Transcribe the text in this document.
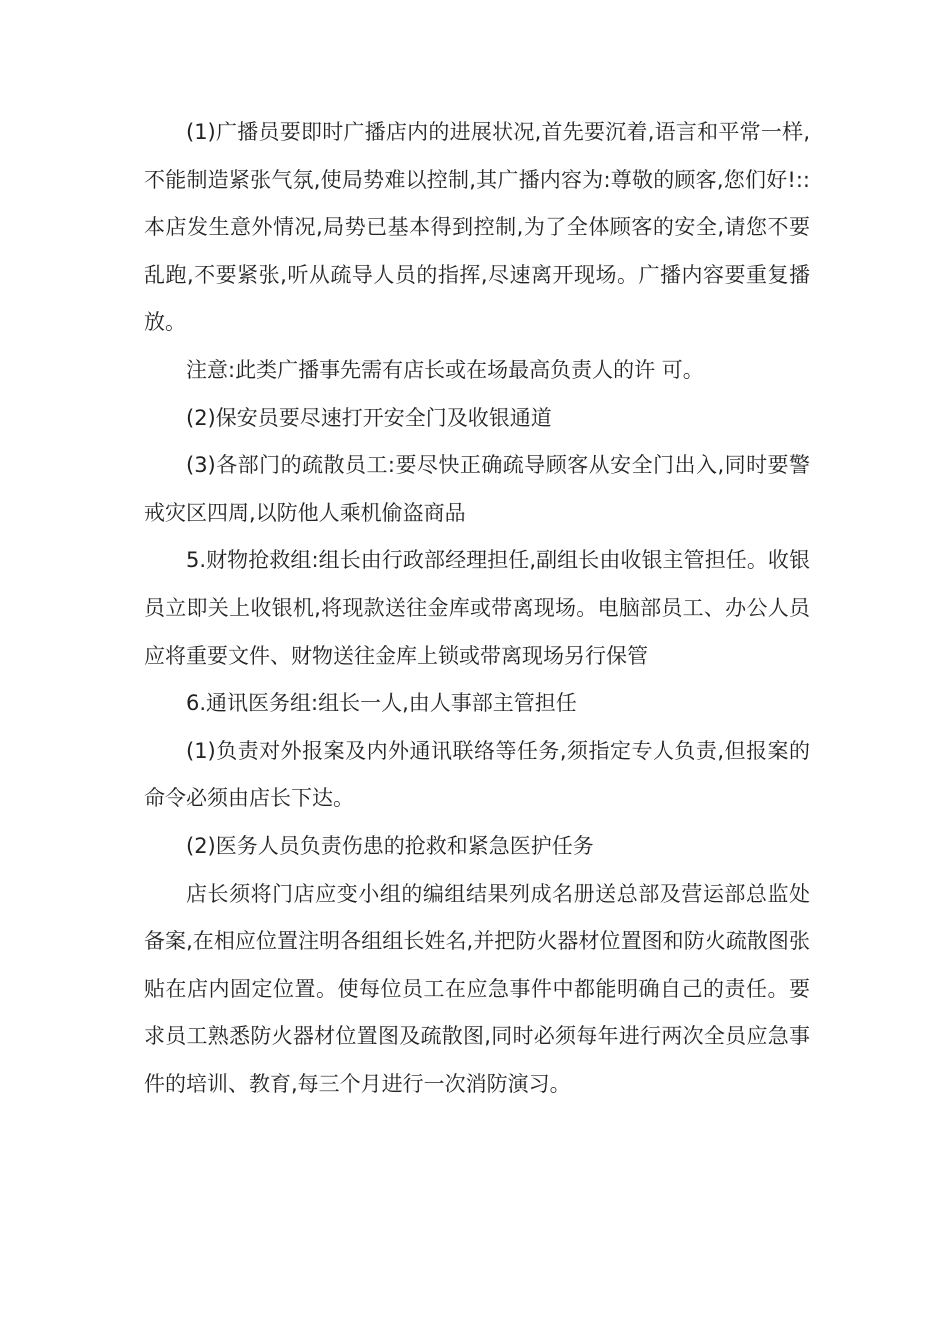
(1)广播员要即时广播店内的进展状况,首先要沉着,语言和平常一样,不能制造紧张气氛,使局势难以控制,其广播内容为:尊敬的顾客,您们好!::本店发生意外情况,局势已基本得到控制,为了全体顾客的安全,请您不要乱跑,不要紧张,听从疏导人员的指挥,尽速离开现场。广播内容要重复播放。

注意:此类广播事先需有店长或在场最高负责人的许 可。

(2)保安员要尽速打开安全门及收银通道

(3)各部门的疏散员工:要尽快正确疏导顾客从安全门出入,同时要警戒灾区四周,以防他人乘机偷盗商品

5.财物抢救组:组长由行政部经理担任,副组长由收银主管担任。收银员立即关上收银机,将现款送往金库或带离现场。电脑部员工、办公人员应将重要文件、财物送往金库上锁或带离现场另行保管

6.通讯医务组:组长一人,由人事部主管担任

(1)负责对外报案及内外通讯联络等任务,须指定专人负责,但报案的命令必须由店长下达。

(2)医务人员负责伤患的抢救和紧急医护任务

店长须将门店应变小组的编组结果列成名册送总部及营运部总监处备案,在相应位置注明各组组长姓名,并把防火器材位置图和防火疏散图张贴在店内固定位置。使每位员工在应急事件中都能明确自己的责任。要求员工熟悉防火器材位置图及疏散图,同时必须每年进行两次全员应急事件的培训、教育,每三个月进行一次消防演习。
